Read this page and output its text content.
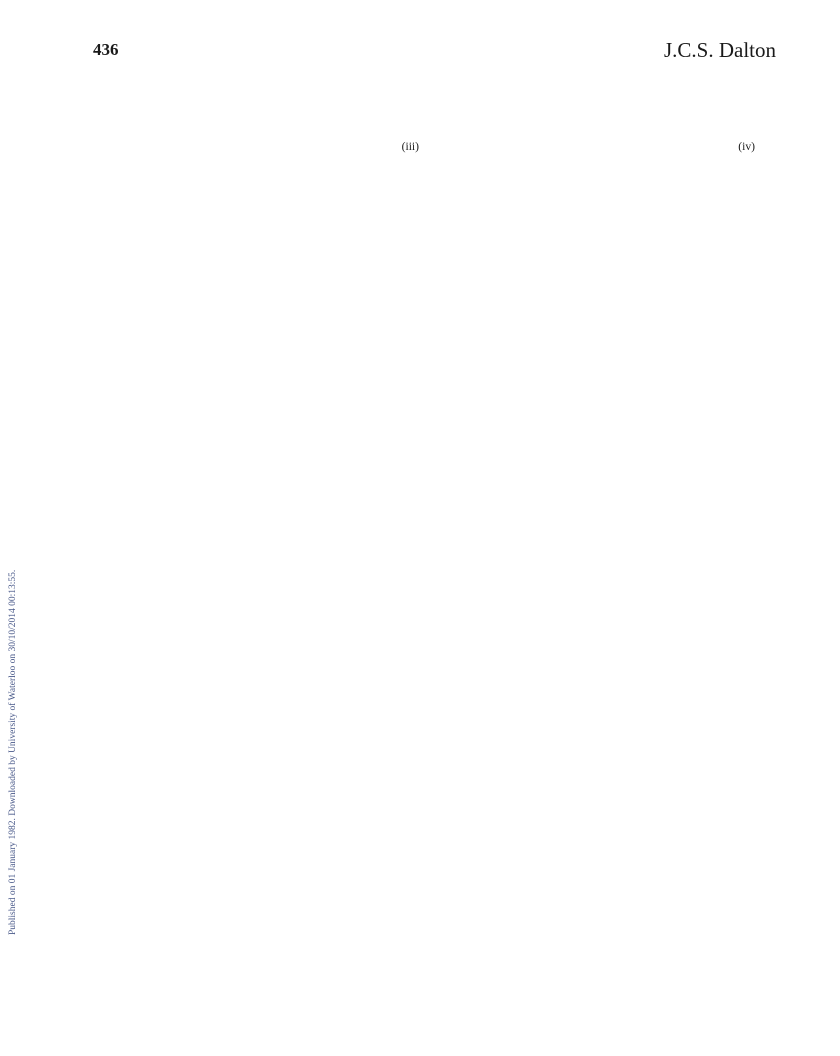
436	J.C.S. Dalton
Published on 01 January 1982. Downloaded by University of Waterloo on 30/10/2014 00:13:55.

(iii)	(iv)
